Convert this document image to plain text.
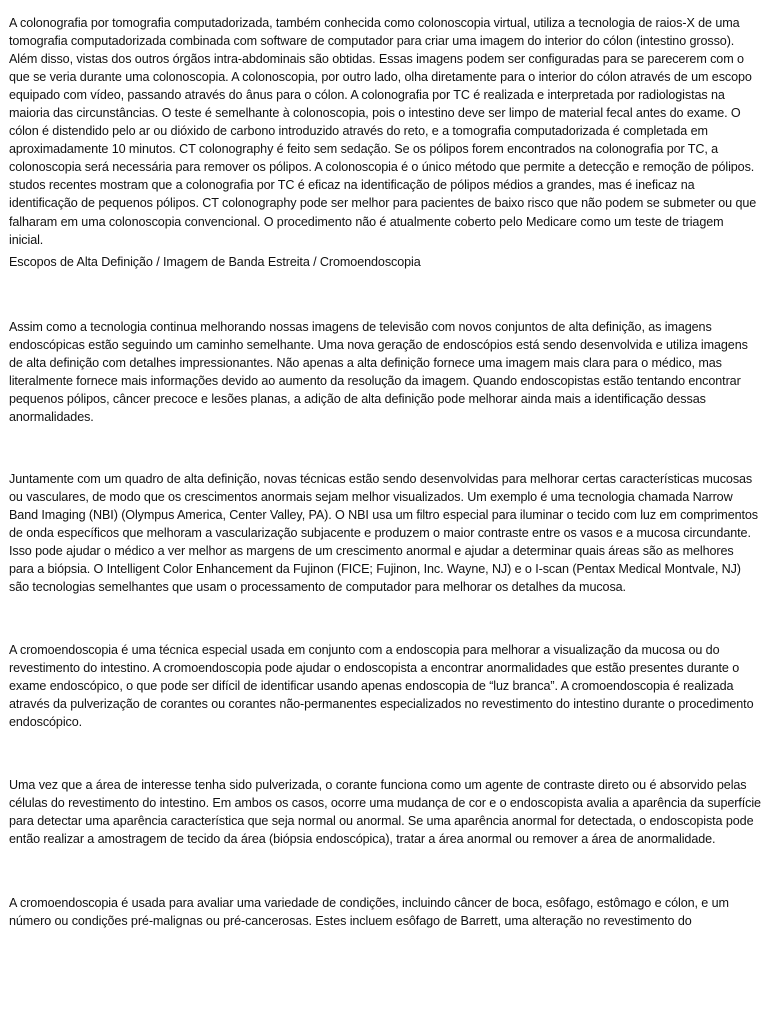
A colonografia por tomografia computadorizada, também conhecida como colonoscopia virtual, utiliza a tecnologia de raios-X de uma tomografia computadorizada combinada com software de computador para criar uma imagem do interior do cólon (intestino grosso). Além disso, vistas dos outros órgãos intra-abdominais são obtidas. Essas imagens podem ser configuradas para se parecerem com o que se veria durante uma colonoscopia. A colonoscopia, por outro lado, olha diretamente para o interior do cólon através de um escopo equipado com vídeo, passando através do ânus para o cólon. A colonografia por TC é realizada e interpretada por radiologistas na maioria das circunstâncias. O teste é semelhante à colonoscopia, pois o intestino deve ser limpo de material fecal antes do exame. O cólon é distendido pelo ar ou dióxido de carbono introduzido através do reto, e a tomografia computadorizada é completada em aproximadamente 10 minutos. CT colonography é feito sem sedação. Se os pólipos forem encontrados na colonografia por TC, a colonoscopia será necessária para remover os pólipos. A colonoscopia é o único método que permite a detecção e remoção de pólipos. studos recentes mostram que a colonografia por TC é eficaz na identificação de pólipos médios a grandes, mas é ineficaz na identificação de pequenos pólipos. CT colonography pode ser melhor para pacientes de baixo risco que não podem se submeter ou que falharam em uma colonoscopia convencional. O procedimento não é atualmente coberto pelo Medicare como um teste de triagem inicial.

Escopos de Alta Definição / Imagem de Banda Estreita / Cromoendoscopia

Assim como a tecnologia continua melhorando nossas imagens de televisão com novos conjuntos de alta definição, as imagens endoscópicas estão seguindo um caminho semelhante. Uma nova geração de endoscópios está sendo desenvolvida e utiliza imagens de alta definição com detalhes impressionantes. Não apenas a alta definição fornece uma imagem mais clara para o médico, mas literalmente fornece mais informações devido ao aumento da resolução da imagem. Quando endoscopistas estão tentando encontrar pequenos pólipos, câncer precoce e lesões planas, a adição de alta definição pode melhorar ainda mais a identificação dessas anormalidades.

Juntamente com um quadro de alta definição, novas técnicas estão sendo desenvolvidas para melhorar certas características mucosas ou vasculares, de modo que os crescimentos anormais sejam melhor visualizados. Um exemplo é uma tecnologia chamada Narrow Band Imaging (NBI) (Olympus America, Center Valley, PA). O NBI usa um filtro especial para iluminar o tecido com luz em comprimentos de onda específicos que melhoram a vascularização subjacente e produzem o maior contraste entre os vasos e a mucosa circundante. Isso pode ajudar o médico a ver melhor as margens de um crescimento anormal e ajudar a determinar quais áreas são as melhores para a biópsia. O Intelligent Color Enhancement da Fujinon (FICE; Fujinon, Inc. Wayne, NJ) e o I-scan (Pentax Medical Montvale, NJ) são tecnologias semelhantes que usam o processamento de computador para melhorar os detalhes da mucosa.

A cromoendoscopia é uma técnica especial usada em conjunto com a endoscopia para melhorar a visualização da mucosa ou do revestimento do intestino. A cromoendoscopia pode ajudar o endoscopista a encontrar anormalidades que estão presentes durante o exame endoscópico, o que pode ser difícil de identificar usando apenas endoscopia de “luz branca”. A cromoendoscopia é realizada através da pulverização de corantes ou corantes não-permanentes especializados no revestimento do intestino durante o procedimento endoscópico.

Uma vez que a área de interesse tenha sido pulverizada, o corante funciona como um agente de contraste direto ou é absorvido pelas células do revestimento do intestino. Em ambos os casos, ocorre uma mudança de cor e o endoscopista avalia a aparência da superfície para detectar uma aparência característica que seja normal ou anormal. Se uma aparência anormal for detectada, o endoscopista pode então realizar a amostragem de tecido da área (biópsia endoscópica), tratar a área anormal ou remover a área de anormalidade.

A cromoendoscopia é usada para avaliar uma variedade de condições, incluindo câncer de boca, esôfago, estômago e cólon, e um número ou condições pré-malignas ou pré-cancerosas. Estes incluem esôfago de Barrett, uma alteração no revestimento do
